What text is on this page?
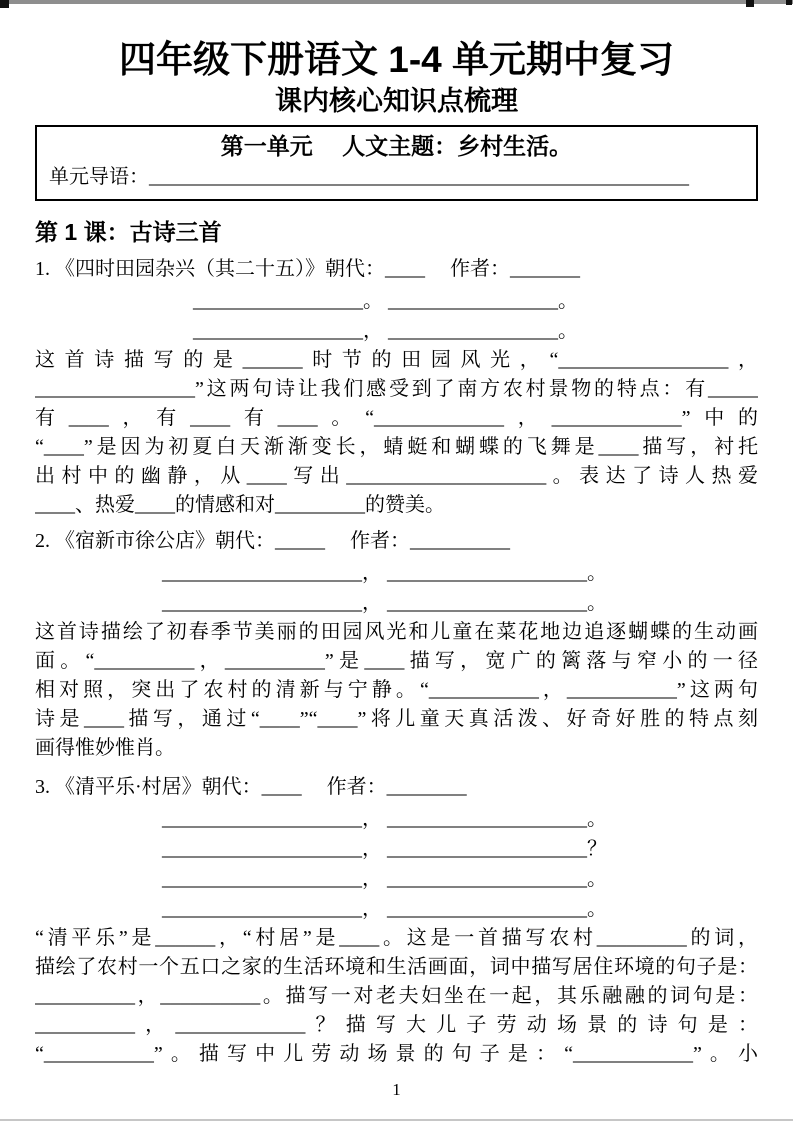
四年级下册语文 1-4 单元期中复习
课内核心知识点梳理
第一单元　 人文主题：乡村生活。
单元导语：______________________________________________________
第 1 课：古诗三首
1. 《四时田园杂兴（其二十五）》朝代：____　 作者：_______
_________________。 _________________。
_________________， _________________。
这首诗描写的是______时节的田园风光，“_________________，
________________”这两句诗让我们感受到了南方农村景物的特点：有_____
有____，有____有____。“_____________，_____________”中的
“____”是因为初夏白天渐渐变长，蜻蜓和蝴蝶的飞舞是____描写，衬托
出村中的幽静，从____写出____________________。表达了诗人热爱
____、热爱____的情感和对_________的赞美。
2. 《宿新市徐公店》朝代：_____　 作者：__________
____________________， ____________________。
____________________， ____________________。
这首诗描绘了初春季节美丽的田园风光和儿童在菜花地边追逐蝴蝶的生动画
面。“__________，__________”是____描写，宽广的篱落与窄小的一径
相对照，突出了农村的清新与宁静。“___________，___________”这两句
诗是____描写，通过“____”“____”将儿童天真活泼、好奇好胜的特点刻
画得惟妙惟肖。
3. 《清平乐·村居》朝代：____　 作者：________
____________________， ____________________。
____________________， ____________________？
____________________， ____________________。
____________________， ____________________。
“清平乐”是______，“村居”是____。这是一首描写农村_________的词，
描绘了农村一个五口之家的生活环境和生活画面，词中描写居住环境的句子是：
__________，__________。描写一对老夫妇坐在一起，其乐融融的词句是：
__________，_____________？描写大儿子劳动场景的诗句是：
“___________”。描写中儿劳动场景的句子是：“____________”。小
1
